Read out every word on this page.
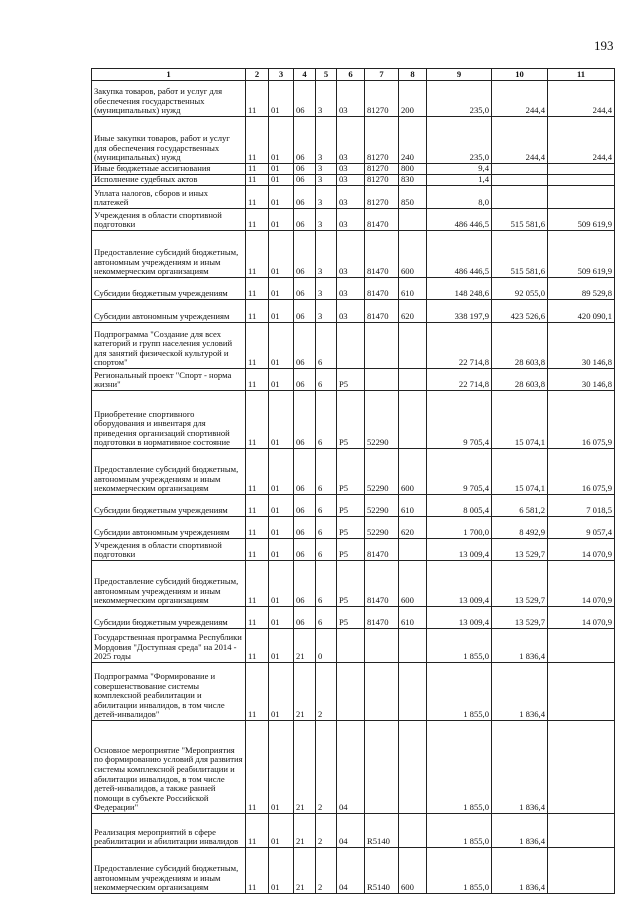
193
1	2	3	4	5	6	7	8	9	10	11
Закупка товаров, работ и услуг для обеспечения государственных (муниципальных) нужд	11	01	06	3	03	81270	200	235,0	244,4	244,4
Иные закупки товаров, работ и услуг для обеспечения государственных (муниципальных) нужд	11	01	06	3	03	81270	240	235,0	244,4	244,4
Иные бюджетные ассигнования	11	01	06	3	03	81270	800	9,4		
Исполнение судебных актов	11	01	06	3	03	81270	830	1,4		
Уплата налогов, сборов и иных платежей	11	01	06	3	03	81270	850	8,0		
Учреждения в области спортивной подготовки	11	01	06	3	03	81470		486 446,5	515 581,6	509 619,9
Предоставление субсидий бюджетным, автономным учреждениям и иным некоммерческим организациям	11	01	06	3	03	81470	600	486 446,5	515 581,6	509 619,9
Субсидии бюджетным учреждениям	11	01	06	3	03	81470	610	148 248,6	92 055,0	89 529,8
Субсидии автономным учреждениям	11	01	06	3	03	81470	620	338 197,9	423 526,6	420 090,1
Подпрограмма "Создание для всех категорий и групп населения условий для занятий физической культурой и спортом"	11	01	06	6				22 714,8	28 603,8	30 146,8
Региональный проект "Спорт - норма жизни"	11	01	06	6	P5			22 714,8	28 603,8	30 146,8
Приобретение спортивного оборудования и инвентаря для приведения организаций спортивной подготовки в нормативное состояние	11	01	06	6	P5	52290		9 705,4	15 074,1	16 075,9
Предоставление субсидий бюджетным, автономным учреждениям и иным некоммерческим организациям	11	01	06	6	P5	52290	600	9 705,4	15 074,1	16 075,9
Субсидии бюджетным учреждениям	11	01	06	6	P5	52290	610	8 005,4	6 581,2	7 018,5
Субсидии автономным учреждениям	11	01	06	6	P5	52290	620	1 700,0	8 492,9	9 057,4
Учреждения в области спортивной подготовки	11	01	06	6	P5	81470		13 009,4	13 529,7	14 070,9
Предоставление субсидий бюджетным, автономным учреждениям и иным некоммерческим организациям	11	01	06	6	P5	81470	600	13 009,4	13 529,7	14 070,9
Субсидии бюджетным учреждениям	11	01	06	6	P5	81470	610	13 009,4	13 529,7	14 070,9
Государственная программа Республики Мордовия "Доступная среда" на 2014 - 2025 годы	11	01	21	0				1 855,0	1 836,4	
Подпрограмма "Формирование и совершенствование системы комплексной реабилитации и абилитации инвалидов, в том числе детей-инвалидов"	11	01	21	2				1 855,0	1 836,4	
Основное мероприятие "Мероприятия по формированию условий для развития системы комплексной реабилитации и абилитации инвалидов, в том числе детей-инвалидов, а также ранней помощи в субъекте Российской Федерации"	11	01	21	2	04			1 855,0	1 836,4	
Реализация мероприятий в сфере реабилитации и абилитации инвалидов	11	01	21	2	04	R5140		1 855,0	1 836,4	
Предоставление субсидий бюджетным, автономным учреждениям и иным некоммерческим организациям	11	01	21	2	04	R5140	600	1 855,0	1 836,4	
